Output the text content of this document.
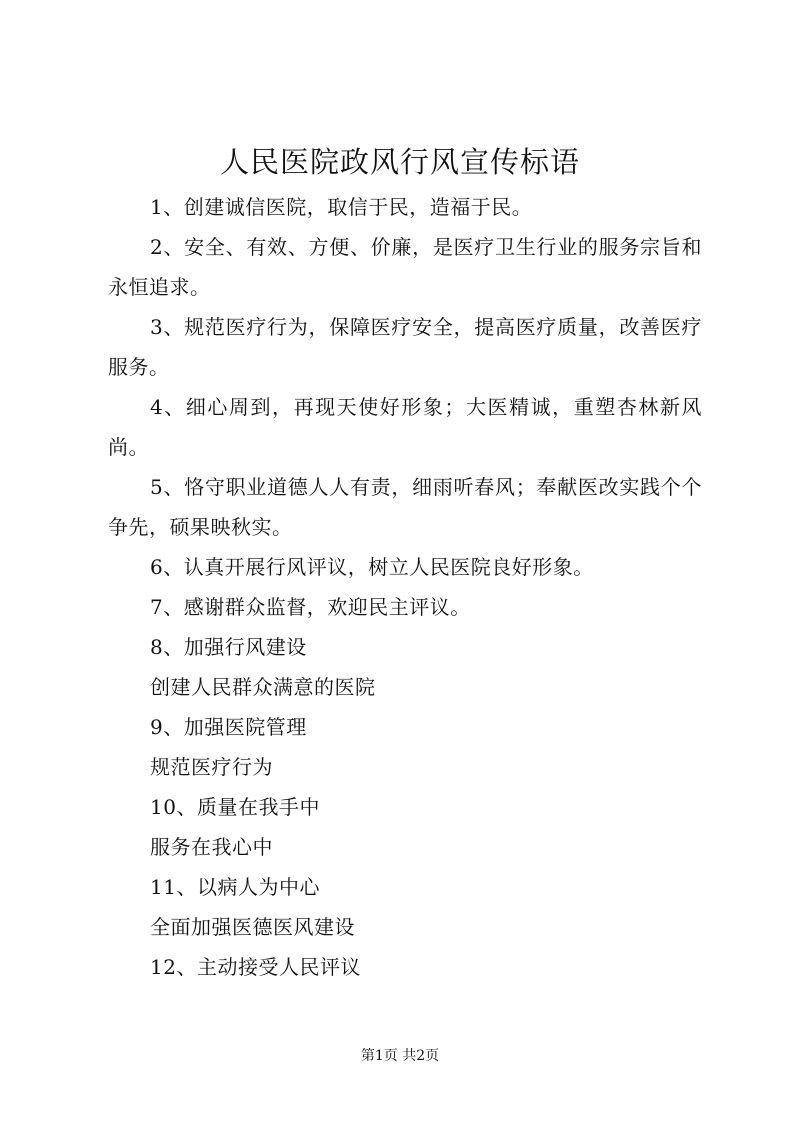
人民医院政风行风宣传标语

1、创建诚信医院，取信于民，造福于民。

2、安全、有效、方便、价廉，是医疗卫生行业的服务宗旨和永恒追求。

3、规范医疗行为，保障医疗安全，提高医疗质量，改善医疗服务。

4、细心周到，再现天使好形象；大医精诚，重塑杏林新风尚。

5、恪守职业道德人人有责，细雨听春风；奉献医改实践个个争先，硕果映秋实。

6、认真开展行风评议，树立人民医院良好形象。

7、感谢群众监督，欢迎民主评议。

8、加强行风建设

创建人民群众满意的医院

9、加强医院管理

规范医疗行为

10、质量在我手中

服务在我心中

11、以病人为中心

全面加强医德医风建设

12、主动接受人民评议

第1页 共2页
